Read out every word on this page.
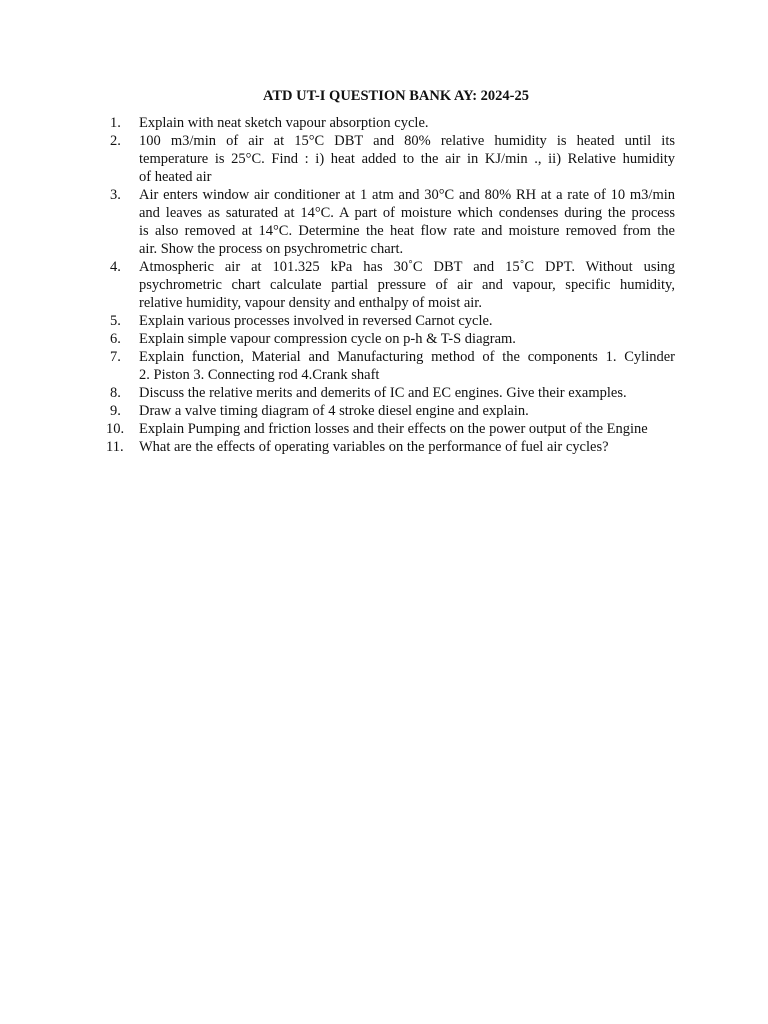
ATD UT-I QUESTION BANK AY: 2024-25
1.	Explain with neat sketch vapour absorption cycle.
2.	100 m3/min of air at 15°C DBT and 80% relative humidity is heated until its
temperature is 25°C. Find : i) heat added to the air in KJ/min ., ii) Relative humidity
of heated air
3.	Air enters window air conditioner at 1 atm and 30°C and 80% RH at a rate of 10 m3/min
and leaves as saturated at 14°C. A part of moisture which condenses during the process
is also removed at 14°C. Determine the heat flow rate and moisture removed from the
air. Show the process on psychrometric chart.
4.	Atmospheric air at 101.325 kPa has 30˚C DBT and 15˚C DPT. Without using
psychrometric chart calculate partial pressure of air and vapour, specific humidity,
relative humidity, vapour density and enthalpy of moist air.
5.	Explain various processes involved in reversed Carnot cycle.
6.	Explain simple vapour compression cycle on p-h & T-S diagram.
7.	Explain function, Material and Manufacturing method of the components 1. Cylinder
2. Piston 3. Connecting rod 4.Crank shaft
8.	Discuss the relative merits and demerits of IC and EC engines. Give their examples.
9.	Draw a valve timing diagram of 4 stroke diesel engine and explain.
10.	Explain Pumping and friction losses and their effects on the power output of the Engine
11.	What are the effects of operating variables on the performance of fuel air cycles?
